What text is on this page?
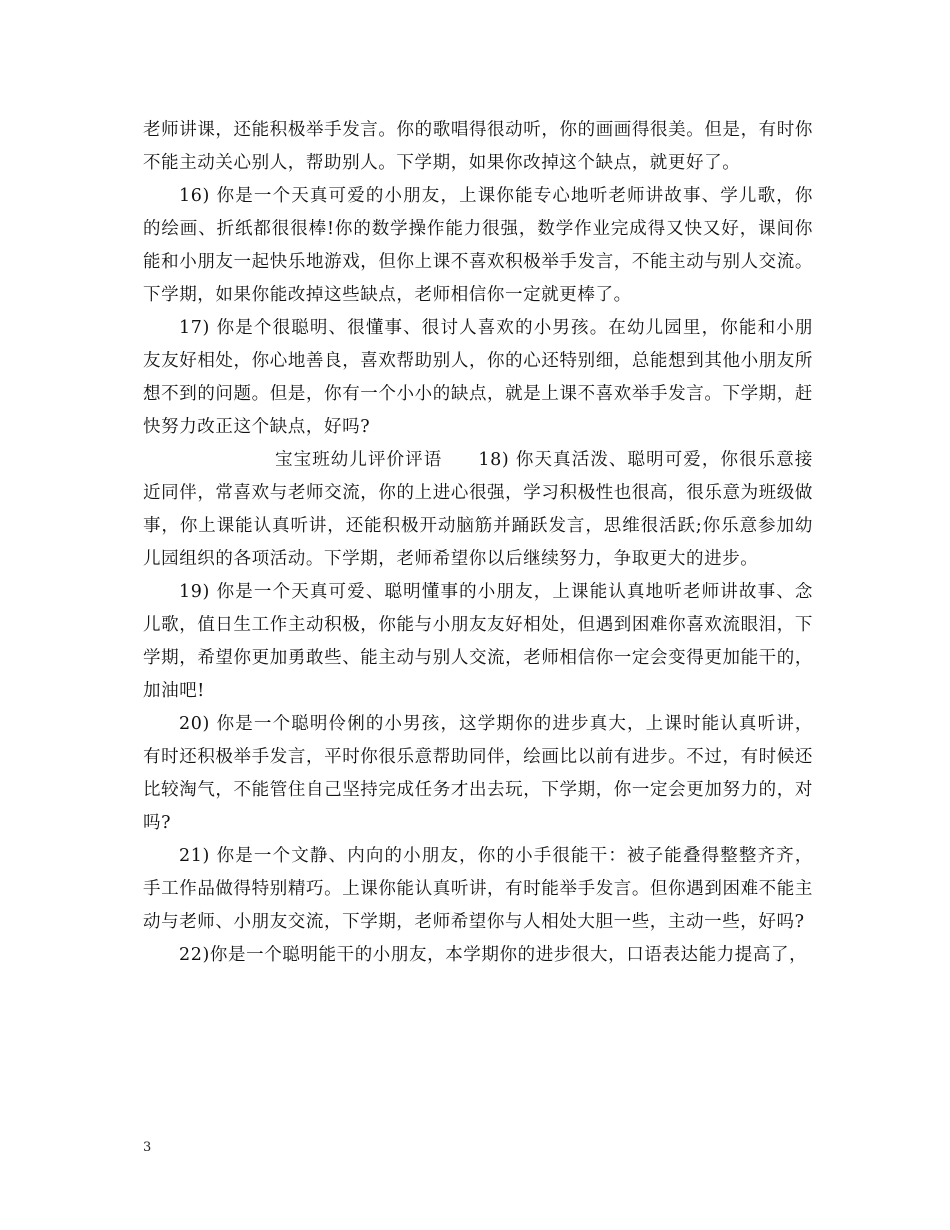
老师讲课，还能积极举手发言。你的歌唱得很动听，你的画画得很美。但是，有时你不能主动关心别人，帮助别人。下学期，如果你改掉这个缺点，就更好了。

16) 你是一个天真可爱的小朋友，上课你能专心地听老师讲故事、学儿歌，你的绘画、折纸都很很棒!你的数学操作能力很强，数学作业完成得又快又好，课间你能和小朋友一起快乐地游戏，但你上课不喜欢积极举手发言，不能主动与别人交流。下学期，如果你能改掉这些缺点，老师相信你一定就更棒了。

17) 你是个很聪明、很懂事、很讨人喜欢的小男孩。在幼儿园里，你能和小朋友友好相处，你心地善良，喜欢帮助别人，你的心还特别细，总能想到其他小朋友所想不到的问题。但是，你有一个小小的缺点，就是上课不喜欢举手发言。下学期，赶快努力改正这个缺点，好吗?

宝宝班幼儿评价评语 18) 你天真活泼、聪明可爱，你很乐意接近同伴，常喜欢与老师交流，你的上进心很强，学习积极性也很高，很乐意为班级做事，你上课能认真听讲，还能积极开动脑筋并踊跃发言，思维很活跃;你乐意参加幼儿园组织的各项活动。下学期，老师希望你以后继续努力，争取更大的进步。

19) 你是一个天真可爱、聪明懂事的小朋友，上课能认真地听老师讲故事、念儿歌，值日生工作主动积极，你能与小朋友友好相处，但遇到困难你喜欢流眼泪，下学期，希望你更加勇敢些、能主动与别人交流，老师相信你一定会变得更加能干的，加油吧!

20) 你是一个聪明伶俐的小男孩，这学期你的进步真大，上课时能认真听讲，有时还积极举手发言，平时你很乐意帮助同伴，绘画比以前有进步。不过，有时候还比较淘气，不能管住自己坚持完成任务才出去玩，下学期，你一定会更加努力的，对吗?

21) 你是一个文静、内向的小朋友，你的小手很能干：被子能叠得整整齐齐，手工作品做得特别精巧。上课你能认真听讲，有时能举手发言。但你遇到困难不能主动与老师、小朋友交流，下学期，老师希望你与人相处大胆一些，主动一些，好吗?

22)你是一个聪明能干的小朋友，本学期你的进步很大，口语表达能力提高了，

3
